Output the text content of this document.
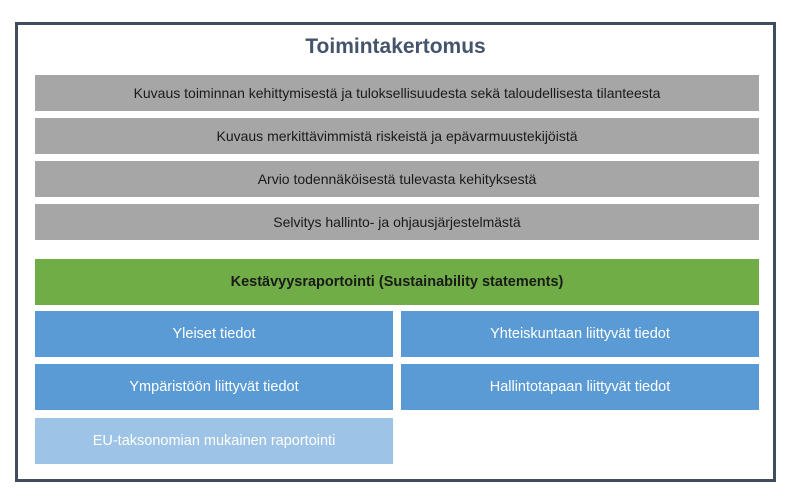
Toimintakertomus
Kuvaus toiminnan kehittymisestä ja tuloksellisuudesta sekä taloudellisesta tilanteesta
Kuvaus merkittävimmistä riskeistä ja epävarmuustekijöistä
Arvio todennäköisestä tulevasta kehityksestä
Selvitys hallinto- ja ohjausjärjestelmästä
Kestävyysraportointi (Sustainability statements)
Yleiset tiedot	Yhteiskuntaan liittyvät tiedot
Ympäristöön liittyvät tiedot	Hallintotapaan liittyvät tiedot
EU-taksonomian mukainen raportointi
